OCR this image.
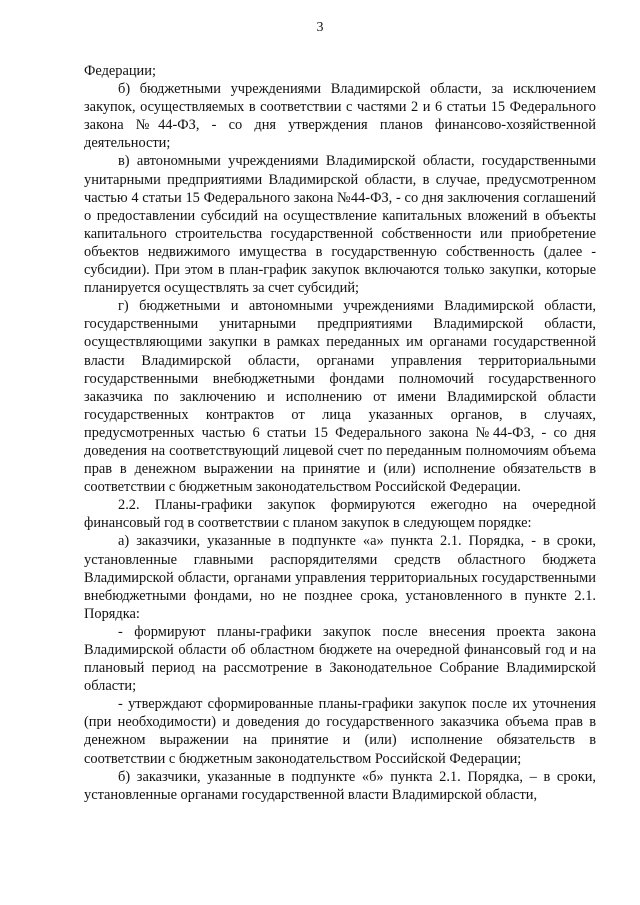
3

Федерации;

б) бюджетными учреждениями Владимирской области, за исключением закупок, осуществляемых в соответствии с частями 2 и 6 статьи 15 Федерального закона №44-ФЗ, - со дня утверждения планов финансово-хозяйственной деятельности;

в) автономными учреждениями Владимирской области, государственными унитарными предприятиями Владимирской области, в случае, предусмотренном частью 4 статьи 15 Федерального закона №44-ФЗ, - со дня заключения соглашений о предоставлении субсидий на осуществление капитальных вложений в объекты капитального строительства государственной собственности или приобретение объектов недвижимого имущества в государственную собственность (далее - субсидии). При этом в план-график закупок включаются только закупки, которые планируется осуществлять за счет субсидий;

г) бюджетными и автономными учреждениями Владимирской области, государственными унитарными предприятиями Владимирской области, осуществляющими закупки в рамках переданных им органами государственной власти Владимирской области, органами управления территориальными государственными внебюджетными фондами полномочий государственного заказчика по заключению и исполнению от имени Владимирской области государственных контрактов от лица указанных органов, в случаях, предусмотренных частью 6 статьи 15 Федерального закона №44-ФЗ, - со дня доведения на соответствующий лицевой счет по переданным полномочиям объема прав в денежном выражении на принятие и (или) исполнение обязательств в соответствии с бюджетным законодательством Российской Федерации.

2.2. Планы-графики закупок формируются ежегодно на очередной финансовый год в соответствии с планом закупок в следующем порядке:

а) заказчики, указанные в подпункте «а» пункта 2.1. Порядка, - в сроки, установленные главными распорядителями средств областного бюджета Владимирской области, органами управления территориальных государственными внебюджетными фондами, но не позднее срока, установленного в пункте 2.1. Порядка:

- формируют планы-графики закупок после внесения проекта закона Владимирской области об областном бюджете на очередной финансовый год и на плановый период на рассмотрение в Законодательное Собрание Владимирской области;

- утверждают сформированные планы-графики закупок после их уточнения (при необходимости) и доведения до государственного заказчика объема прав в денежном выражении на принятие и (или) исполнение обязательств в соответствии с бюджетным законодательством Российской Федерации;

б) заказчики, указанные в подпункте «б» пункта 2.1. Порядка, – в сроки, установленные органами государственной власти Владимирской области,
